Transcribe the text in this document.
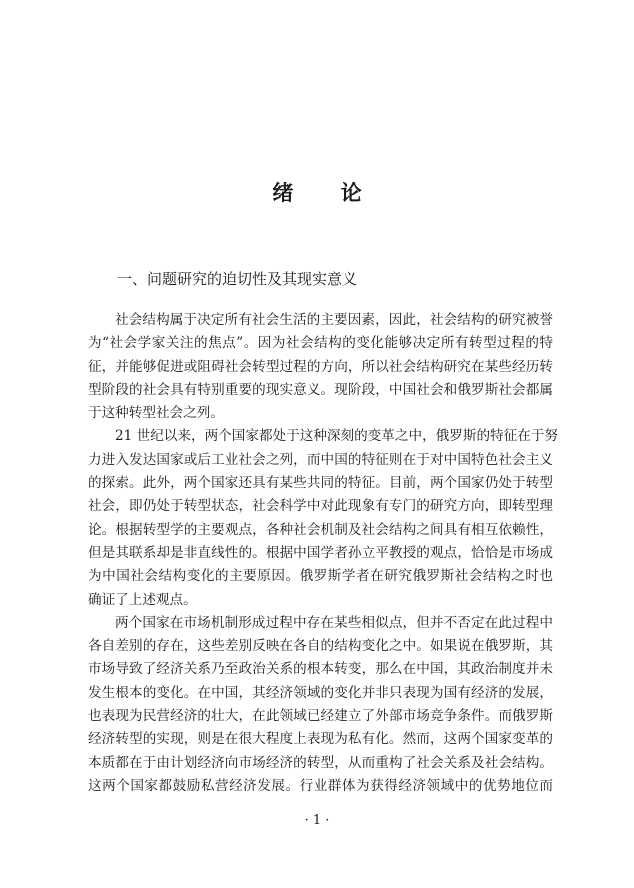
绪 论
一、问题研究的迫切性及其现实意义

社会结构属于决定所有社会生活的主要因素，因此，社会结构的研究被誉
为“社会学家关注的焦点”。因为社会结构的变化能够决定所有转型过程的特
征，并能够促进或阻碍社会转型过程的方向，所以社会结构研究在某些经历转
型阶段的社会具有特别重要的现实意义。现阶段，中国社会和俄罗斯社会都属
于这种转型社会之列。

21 世纪以来，两个国家都处于这种深刻的变革之中，俄罗斯的特征在于努
力进入发达国家或后工业社会之列，而中国的特征则在于对中国特色社会主义
的探索。此外，两个国家还具有某些共同的特征。目前，两个国家仍处于转型
社会，即仍处于转型状态，社会科学中对此现象有专门的研究方向，即转型理
论。根据转型学的主要观点，各种社会机制及社会结构之间具有相互依赖性，
但是其联系却是非直线性的。根据中国学者孙立平教授的观点，恰恰是市场成
为中国社会结构变化的主要原因。俄罗斯学者在研究俄罗斯社会结构之时也
确证了上述观点。

两个国家在市场机制形成过程中存在某些相似点，但并不否定在此过程中
各自差别的存在，这些差别反映在各自的结构变化之中。如果说在俄罗斯，其
市场导致了经济关系乃至政治关系的根本转变，那么在中国，其政治制度并未
发生根本的变化。在中国，其经济领域的变化并非只表现为国有经济的发展，
也表现为民营经济的壮大，在此领域已经建立了外部市场竞争条件。而俄罗斯
经济转型的实现，则是在很大程度上表现为私有化。然而，这两个国家变革的
本质都在于由计划经济向市场经济的转型，从而重构了社会关系及社会结构。
这两个国家都鼓励私营经济发展。行业群体为获得经济领域中的优势地位而

· 1 ·
